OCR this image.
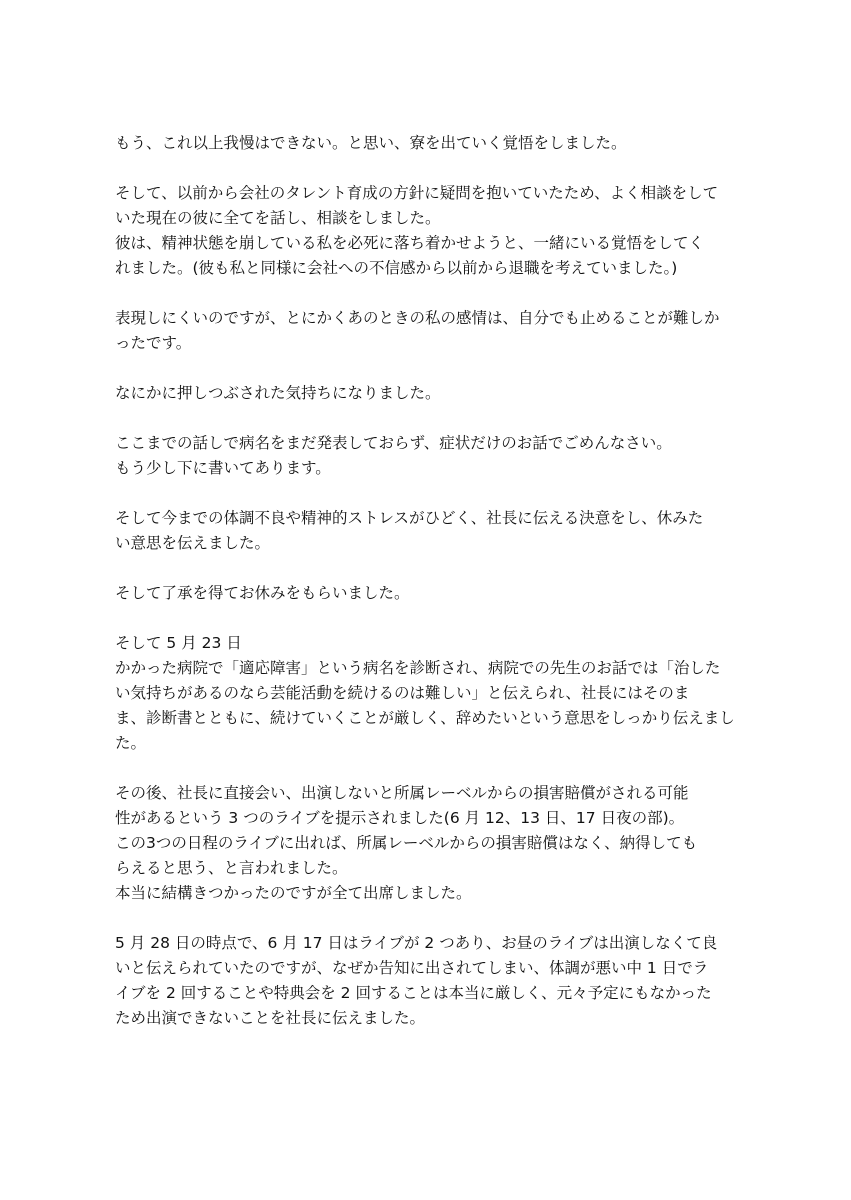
もう、これ以上我慢はできない。と思い、寮を出ていく覚悟をしました。
そして、以前から会社のタレント育成の方針に疑問を抱いていたため、よく相談をして
いた現在の彼に全てを話し、相談をしました。
彼は、精神状態を崩している私を必死に落ち着かせようと、一緒にいる覚悟をしてく
れました。(彼も私と同様に会社への不信感から以前から退職を考えていました。)
表現しにくいのですが、とにかくあのときの私の感情は、自分でも止めることが難しか
ったです。
なにかに押しつぶされた気持ちになりました。
ここまでの話しで病名をまだ発表しておらず、症状だけのお話でごめんなさい。
もう少し下に書いてあります。
そして今までの体調不良や精神的ストレスがひどく、社長に伝える決意をし、休みた
い意思を伝えました。
そして了承を得てお休みをもらいました。
そして 5 月 23 日
かかった病院で「適応障害」という病名を診断され、病院での先生のお話では「治した
い気持ちがあるのなら芸能活動を続けるのは難しい」と伝えられ、社長にはそのま
ま、診断書とともに、続けていくことが厳しく、辞めたいという意思をしっかり伝えまし
た。
その後、社長に直接会い、出演しないと所属レーベルからの損害賠償がされる可能
性があるという 3 つのライブを提示されました(6 月 12、13 日、17 日夜の部)。
この3つの日程のライブに出れば、所属レーベルからの損害賠償はなく、納得しても
らえると思う、と言われました。
本当に結構きつかったのですが全て出席しました。
5 月 28 日の時点で、6 月 17 日はライブが 2 つあり、お昼のライブは出演しなくて良
いと伝えられていたのですが、なぜか告知に出されてしまい、体調が悪い中 1 日でラ
イブを 2 回することや特典会を 2 回することは本当に厳しく、元々予定にもなかった
ため出演できないことを社長に伝えました。
